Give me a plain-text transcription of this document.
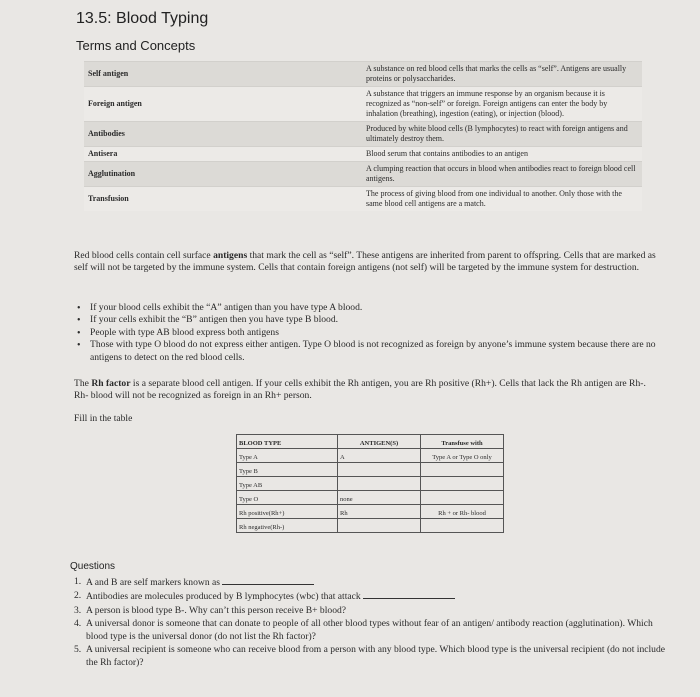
13.5: Blood Typing
Terms and Concepts
Self antigen	A substance on red blood cells that marks the cells as “self”. Antigens are usually proteins or polysaccharides.
Foreign antigen	A substance that triggers an immune response by an organism because it is recognized as “non-self” or foreign. Foreign antigens can enter the body by inhalation (breathing), ingestion (eating), or injection (blood).
Antibodies	Produced by white blood cells (B lymphocytes) to react with foreign antigens and ultimately destroy them.
Antisera	Blood serum that contains antibodies to an antigen
Agglutination	A clumping reaction that occurs in blood when antibodies react to foreign blood cell antigens.
Transfusion	The process of giving blood from one individual to another. Only those with the same blood cell antigens are a match.

Red blood cells contain cell surface antigens that mark the cell as “self”. These antigens are inherited from parent to offspring. Cells that are marked as self will not be targeted by the immune system. Cells that contain foreign antigens (not self) will be targeted by the immune system for destruction.

• If your blood cells exhibit the “A” antigen than you have type A blood.
• If your cells exhibit the “B” antigen then you have type B blood.
• People with type AB blood express both antigens
• Those with type O blood do not express either antigen. Type O blood is not recognized as foreign by anyone’s immune system because there are no antigens to detect on the red blood cells.

The Rh factor is a separate blood cell antigen. If your cells exhibit the Rh antigen, you are Rh positive (Rh+). Cells that lack the Rh antigen are Rh-. Rh- blood will not be recognized as foreign in an Rh+ person.

Fill in the table

BLOOD TYPE	ANTIGEN(S)	Transfuse with
Type A	A	Type A or Type O only
Type B		
Type AB		
Type O	none	
Rh positive(Rh+)	Rh	Rh + or Rh- blood
Rh negative(Rh-)		
Questions
1. A and B are self markers known as
2. Antibodies are molecules produced by B lymphocytes (wbc) that attack
3. A person is blood type B-. Why can’t this person receive B+ blood?
4. A universal donor is someone that can donate to people of all other blood types without fear of an antigen/ antibody reaction (agglutination). Which blood type is the universal donor (do not list the Rh factor)?
5. A universal recipient is someone who can receive blood from a person with any blood type. Which blood type is the universal recipient (do not include the Rh factor)?
